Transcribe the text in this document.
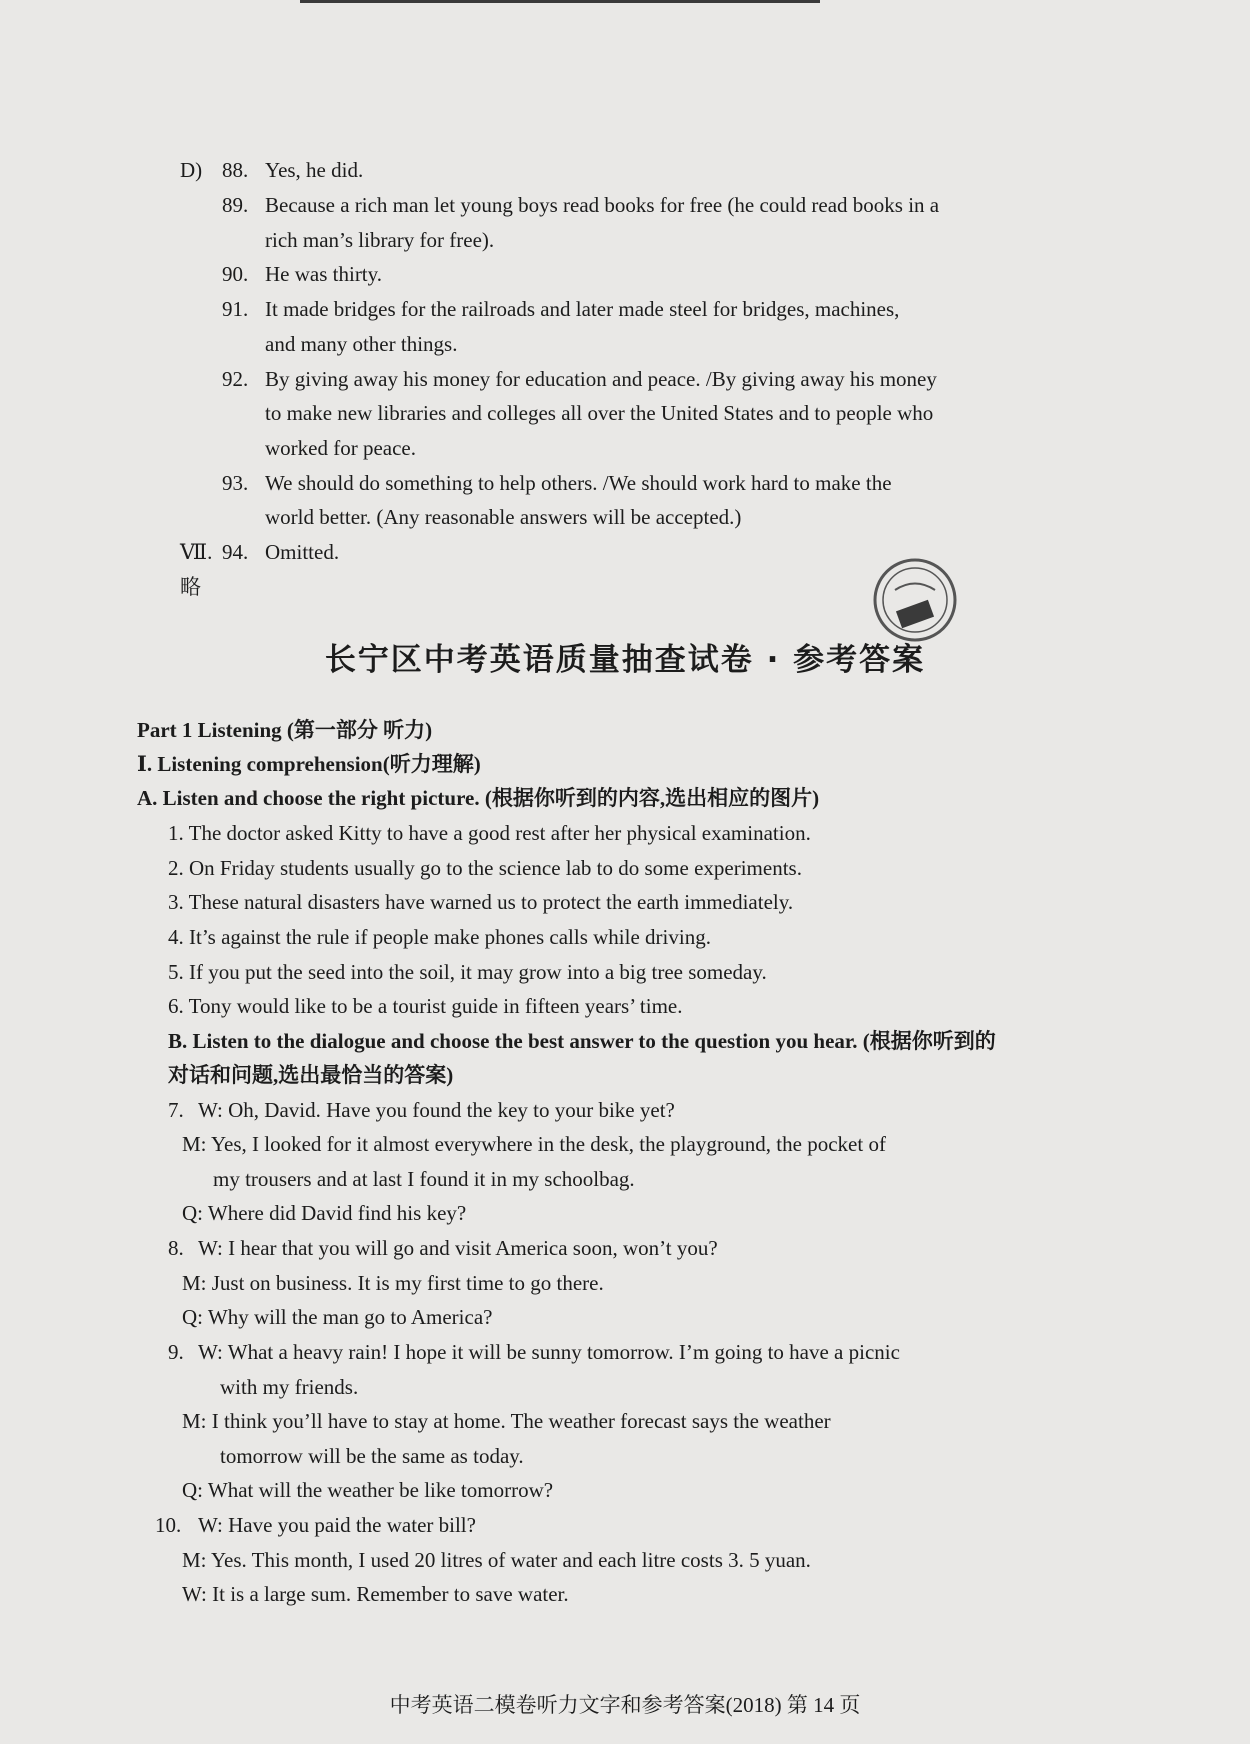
D) 88. Yes, he did.
89. Because a rich man let young boys read books for free (he could read books in a
rich man’s library for free).
90. He was thirty.
91. It made bridges for the railroads and later made steel for bridges, machines,
and many other things.
92. By giving away his money for education and peace. /By giving away his money
to make new libraries and colleges all over the United States and to people who
worked for peace.
93. We should do something to help others. /We should work hard to make the
world better. (Any reasonable answers will be accepted.)
Ⅶ. 94. Omitted.
略
长宁区中考英语质量抽查试卷 · 参考答案
Part 1 Listening (第一部分 听力)
Ⅰ. Listening comprehension(听力理解)
A. Listen and choose the right picture. (根据你听到的内容,选出相应的图片)
1. The doctor asked Kitty to have a good rest after her physical examination.
2. On Friday students usually go to the science lab to do some experiments.
3. These natural disasters have warned us to protect the earth immediately.
4. It’s against the rule if people make phones calls while driving.
5. If you put the seed into the soil, it may grow into a big tree someday.
6. Tony would like to be a tourist guide in fifteen years’ time.
B. Listen to the dialogue and choose the best answer to the question you hear. (根据你听到的
对话和问题,选出最恰当的答案)
7. W: Oh, David. Have you found the key to your bike yet?
M: Yes, I looked for it almost everywhere in the desk, the playground, the pocket of
my trousers and at last I found it in my schoolbag.
Q: Where did David find his key?
8. W: I hear that you will go and visit America soon, won’t you?
M: Just on business. It is my first time to go there.
Q: Why will the man go to America?
9. W: What a heavy rain! I hope it will be sunny tomorrow. I’m going to have a picnic
with my friends.
M: I think you’ll have to stay at home. The weather forecast says the weather
tomorrow will be the same as today.
Q: What will the weather be like tomorrow?
10. W: Have you paid the water bill?
M: Yes. This month, I used 20 litres of water and each litre costs 3. 5 yuan.
W: It is a large sum. Remember to save water.
中考英语二模卷听力文字和参考答案(2018) 第 14 页
